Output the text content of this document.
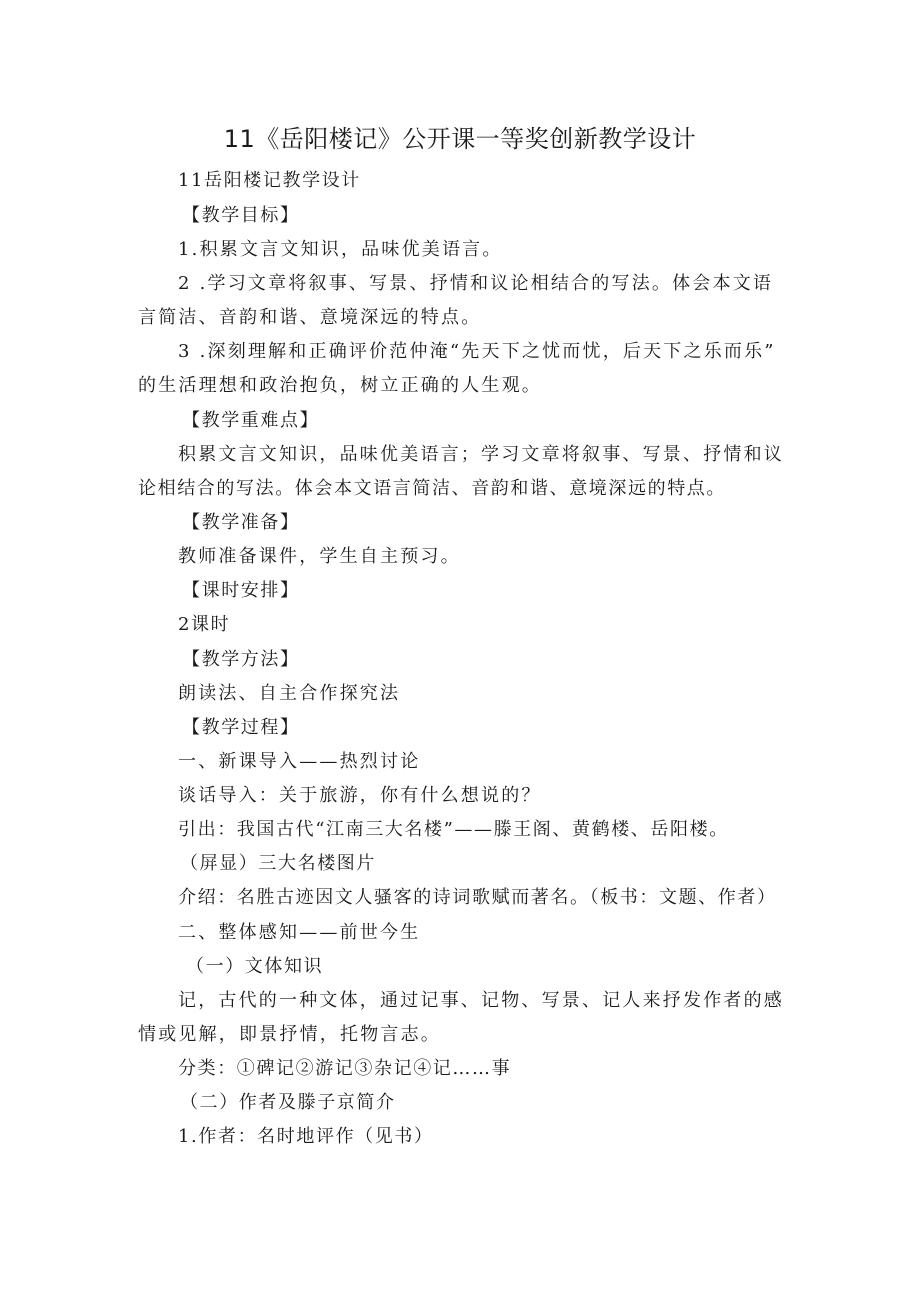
11《岳阳楼记》公开课一等奖创新教学设计

11岳阳楼记教学设计

【教学目标】

1.积累文言文知识，品味优美语言。

2 .学习文章将叙事、写景、抒情和议论相结合的写法。体会本文语

言简洁、音韵和谐、意境深远的特点。

3 .深刻理解和正确评价范仲淹“先天下之忧而忧，后天下之乐而乐”

的生活理想和政治抱负，树立正确的人生观。

【教学重难点】

积累文言文知识，品味优美语言；学习文章将叙事、写景、抒情和议

论相结合的写法。体会本文语言简洁、音韵和谐、意境深远的特点。

【教学准备】

教师准备课件，学生自主预习。

【课时安排】

2课时

【教学方法】

朗读法、自主合作探究法

【教学过程】

一、新课导入——热烈讨论

谈话导入：关于旅游，你有什么想说的？

引出：我国古代“江南三大名楼”——滕王阁、黄鹤楼、岳阳楼。

（屏显）三大名楼图片

介绍：名胜古迹因文人骚客的诗词歌赋而著名。（板书：文题、作者）

二、整体感知——前世今生

（一）文体知识

记，古代的一种文体，通过记事、记物、写景、记人来抒发作者的感

情或见解，即景抒情，托物言志。

分类：①碑记②游记③杂记④记……事

（二）作者及滕子京简介

1.作者：名时地评作（见书）
